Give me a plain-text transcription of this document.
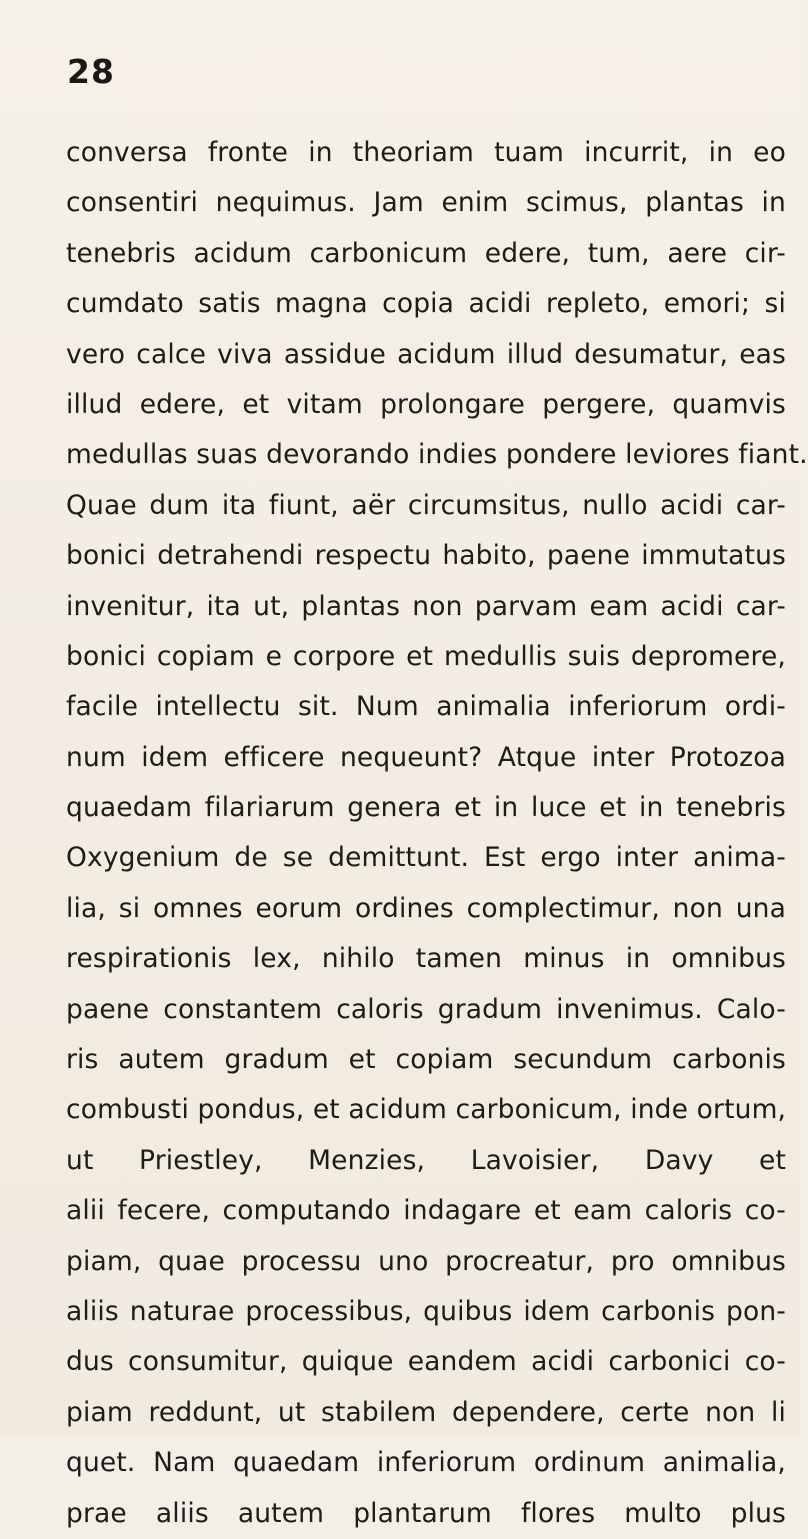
28
conversa fronte in theoriam tuam incurrit, in eo
consentiri nequimus. Jam enim scimus, plantas in
tenebris acidum carbonicum edere, tum, aere cir-
cumdato satis magna copia acidi repleto, emori; si
vero calce viva assidue acidum illud desumatur, eas
illud edere, et vitam prolongare pergere, quamvis
medullas suas devorando indies pondere leviores fiant.
Quae dum ita fiunt, aër circumsitus, nullo acidi car-
bonici detrahendi respectu habito, paene immutatus
invenitur, ita ut, plantas non parvam eam acidi car-
bonici copiam e corpore et medullis suis depromere,
facile intellectu sit. Num animalia inferiorum ordi-
num idem efficere nequeunt? Atque inter Protozoa
quaedam filariarum genera et in luce et in tenebris
Oxygenium de se demittunt. Est ergo inter anima-
lia, si omnes eorum ordines complectimur, non una
respirationis lex, nihilo tamen minus in omnibus
paene constantem caloris gradum invenimus. Calo-
ris autem gradum et copiam secundum carbonis
combusti pondus, et acidum carbonicum, inde ortum,
ut Priestley, Menzies, Lavoisier, Davy et
alii fecere, computando indagare et eam caloris co-
piam, quae processu uno procreatur, pro omnibus
aliis naturae processibus, quibus idem carbonis pon-
dus consumitur, quique eandem acidi carbonici co-
piam reddunt, ut stabilem dependere, certe non li
quet. Nam quaedam inferiorum ordinum animalia,
prae aliis autem plantarum flores multo plus
